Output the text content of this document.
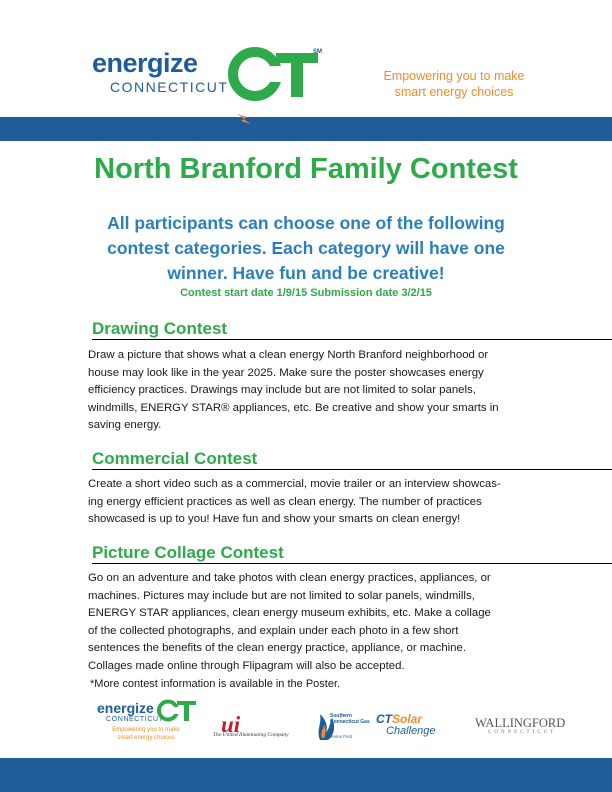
energize
CONNECTICUT
SM
Empowering you to make
smart energy choices
North Branford Family Contest
All participants can choose one of the following
contest categories. Each category will have one
winner. Have fun and be creative!
Contest start date 1/9/15 Submission date 3/2/15
Drawing Contest
Draw a picture that shows what a clean energy North Branford neighborhood or
house may look like in the year 2025. Make sure the poster showcases energy
efficiency practices. Drawings may include but are not limited to solar panels,
windmills, ENERGY STAR® appliances, etc. Be creative and show your smarts in
saving energy.
Commercial Contest
Create a short video such as a commercial, movie trailer or an interview showcas-
ing energy efficient practices as well as clean energy. The number of practices
showcased is up to you! Have fun and show your smarts on clean energy!
Picture Collage Contest
Go on an adventure and take photos with clean energy practices, appliances, or
machines. Pictures may include but are not limited to solar panels, windmills,
ENERGY STAR appliances, clean energy museum exhibits, etc. Make a collage
of the collected photographs, and explain under each photo in a few short
sentences the benefits of the clean energy practice, appliance, or machine.
Collages made online through Flipagram will also be accepted.
*More contest information is available in the Poster.
energize
CONNECTICUT
Empowering you to make
smart energy choices
ui
The United Illuminating Company
Southern
Connecticut Gas
Service First
CTSolar
Challenge
WALLINGFORD
CONNECTICUT
